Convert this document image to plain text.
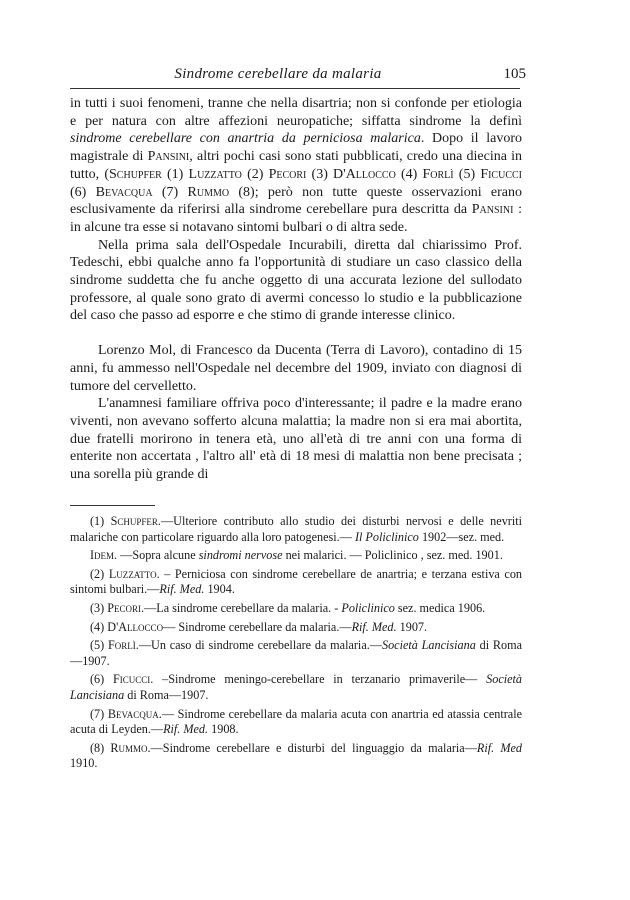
Sindrome cerebellare da malaria	105

in tutti i suoi fenomeni, tranne che nella disartria; non si confonde per etiologia e per natura con altre affezioni neuropatiche; siffatta sindrome la definì sindrome cerebellare con anartria da perniciosa malarica. Dopo il lavoro magistrale di Pansini, altri pochi casi sono stati pubblicati, credo una diecina in tutto, (Schupfer (1) Luzzatto (2) Pecori (3) D'Allocco (4) Forlì (5) Ficucci (6) Bevacqua (7) Rummo (8); però non tutte queste osservazioni erano esclusivamente da riferirsi alla sindrome cerebellare pura descritta da Pansini : in alcune tra esse si notavano sintomi bulbari o di altra sede.

Nella prima sala dell'Ospedale Incurabili, diretta dal chiarissimo Prof. Tedeschi, ebbi qualche anno fa l'opportunità di studiare un caso classico della sindrome suddetta che fu anche oggetto di una accurata lezione del sullodato professore, al quale sono grato di avermi concesso lo studio e la pubblicazione del caso che passo ad esporre e che stimo di grande interesse clinico.

Lorenzo Mol, di Francesco da Ducenta (Terra di Lavoro), contadino di 15 anni, fu ammesso nell'Ospedale nel decembre del 1909, inviato con diagnosi di tumore del cervelletto.

L'anamnesi familiare offriva poco d'interessante; il padre e la madre erano viventi, non avevano sofferto alcuna malattia; la madre non si era mai abortita, due fratelli morirono in tenera età, uno all'età di tre anni con una forma di enterite non accertata , l'altro all' età di 18 mesi di malattia non bene precisata ; una sorella più grande di

(1) Schupfer.—Ulteriore contributo allo studio dei disturbi nervosi e delle nevriti malariche con particolare riguardo alla loro patogenesi.— Il Policlinico 1902—sez. med.

Idem. —Sopra alcune sindromi nervose nei malarici. — Policlinico , sez. med. 1901.

(2) Luzzatto. – Perniciosa con sindrome cerebellare de anartria; e terzana estiva con sintomi bulbari.—Rif. Med. 1904.

(3) Pecori.—La sindrome cerebellare da malaria. - Policlinico sez. medica 1906.

(4) D'Allocco— Sindrome cerebellare da malaria.—Rif. Med. 1907.

(5) Forlì.—Un caso di sindrome cerebellare da malaria.—Società Lancisiana di Roma—1907.

(6) Ficucci. –Sindrome meningo-cerebellare in terzanario primaverile— Società Lancisiana di Roma—1907.

(7) Bevacqua.— Sindrome cerebellare da malaria acuta con anartria ed atassia centrale acuta di Leyden.—Rif. Med. 1908.

(8) Rummo.—Sindrome cerebellare e disturbi del linguaggio da malaria—Rif. Med 1910.
